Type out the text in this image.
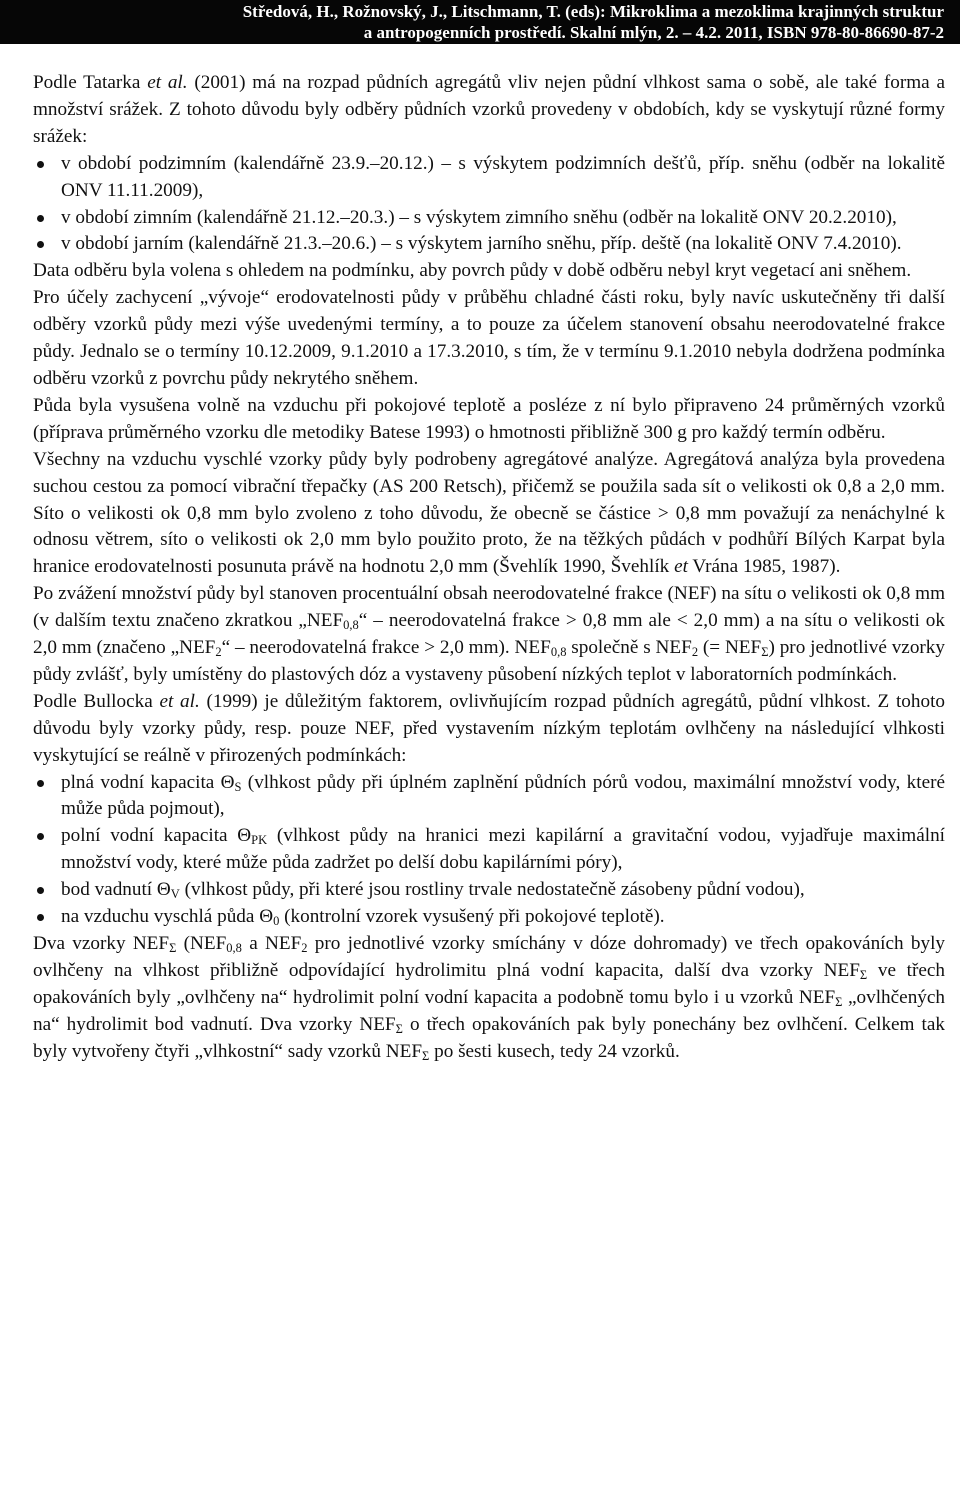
Středová, H., Rožnovský, J., Litschmann, T. (eds): Mikroklima a mezoklima krajinných struktur
a antropogenních prostředí. Skalní mlýn, 2. – 4.2. 2011, ISBN 978-80-86690-87-2

Podle Tatarka et al. (2001) má na rozpad půdních agregátů vliv nejen půdní vlhkost sama o sobě, ale také forma a množství srážek. Z tohoto důvodu byly odběry půdních vzorků provedeny v obdobích, kdy se vyskytují různé formy srážek:

v období podzimním (kalendářně 23.9.–20.12.) – s výskytem podzimních dešťů, příp. sněhu (odběr na lokalitě ONV 11.11.2009),
v období zimním (kalendářně 21.12.–20.3.) – s výskytem zimního sněhu (odběr na lokalitě ONV 20.2.2010),
v období jarním (kalendářně 21.3.–20.6.) – s výskytem jarního sněhu, příp. deště (na lokalitě ONV 7.4.2010).

Data odběru byla volena s ohledem na podmínku, aby povrch půdy v době odběru nebyl kryt vegetací ani sněhem.

Pro účely zachycení „vývoje“ erodovatelnosti půdy v průběhu chladné části roku, byly navíc uskutečněny tři další odběry vzorků půdy mezi výše uvedenými termíny, a to pouze za účelem stanovení obsahu neerodovatelné frakce půdy. Jednalo se o termíny 10.12.2009, 9.1.2010 a 17.3.2010, s tím, že v termínu 9.1.2010 nebyla dodržena podmínka odběru vzorků z povrchu půdy nekrytého sněhem.

Půda byla vysušena volně na vzduchu při pokojové teplotě a posléze z ní bylo připraveno 24 průměrných vzorků (příprava průměrného vzorku dle metodiky Batese 1993) o hmotnosti přibližně 300 g pro každý termín odběru.

Všechny na vzduchu vyschlé vzorky půdy byly podrobeny agregátové analýze. Agregátová analýza byla provedena suchou cestou za pomocí vibrační třepačky (AS 200 Retsch), přičemž se použila sada sít o velikosti ok 0,8 a 2,0 mm. Síto o velikosti ok 0,8 mm bylo zvoleno z toho důvodu, že obecně se částice > 0,8 mm považují za nenáchylné k odnosu větrem, síto o velikosti ok 2,0 mm bylo použito proto, že na těžkých půdách v podhůří Bílých Karpat byla hranice erodovatelnosti posunuta právě na hodnotu 2,0 mm (Švehlík 1990, Švehlík et Vrána 1985, 1987).

Po zvážení množství půdy byl stanoven procentuální obsah neerodovatelné frakce (NEF) na sítu o velikosti ok 0,8 mm (v dalším textu značeno zkratkou $„NEF_{0,8}“$ – neerodovatelná frakce > 0,8 mm ale < 2,0 mm) a na sítu o velikosti ok 2,0 mm (značeno $„NEF_2“$ – neerodovatelná frakce > 2,0 mm). $NEF_{0,8}$ společně s $NEF_2$ (= $NEF_\Sigma$) pro jednotlivé vzorky půdy zvlášť, byly umístěny do plastových dóz a vystaveny působení nízkých teplot v laboratorních podmínkách.

Podle Bullocka et al. (1999) je důležitým faktorem, ovlivňujícím rozpad půdních agregátů, půdní vlhkost. Z tohoto důvodu byly vzorky půdy, resp. pouze NEF, před vystavením nízkým teplotám ovlhčeny na následující vlhkosti vyskytující se reálně v přirozených podmínkách:

plná vodní kapacita $\Theta_S$ (vlhkost půdy při úplném zaplnění půdních pórů vodou, maximální množství vody, které může půda pojmout),
polní vodní kapacita $\Theta_{PK}$ (vlhkost půdy na hranici mezi kapilární a gravitační vodou, vyjadřuje maximální množství vody, které může půda zadržet po delší dobu kapilárními póry),
bod vadnutí $\Theta_V$ (vlhkost půdy, při které jsou rostliny trvale nedostatečně zásobeny půdní vodou),
na vzduchu vyschlá půda $\Theta_0$ (kontrolní vzorek vysušený při pokojové teplotě).

Dva vzorky $NEF_\Sigma$ ($NEF_{0,8}$ a $NEF_2$ pro jednotlivé vzorky smíchány v dóze dohromady) ve třech opakováních byly ovlhčeny na vlhkost přibližně odpovídající hydrolimitu plná vodní kapacita, další dva vzorky $NEF_\Sigma$ ve třech opakováních byly „ovlhčeny na“ hydrolimit polní vodní kapacita a podobně tomu bylo i u vzorků $NEF_\Sigma$ „ovlhčených na“ hydrolimit bod vadnutí. Dva vzorky $NEF_\Sigma$ o třech opakováních pak byly ponechány bez ovlhčení. Celkem tak byly vytvořeny čtyři „vlhkostní“ sady vzorků $NEF_\Sigma$ po šesti kusech, tedy 24 vzorků.
